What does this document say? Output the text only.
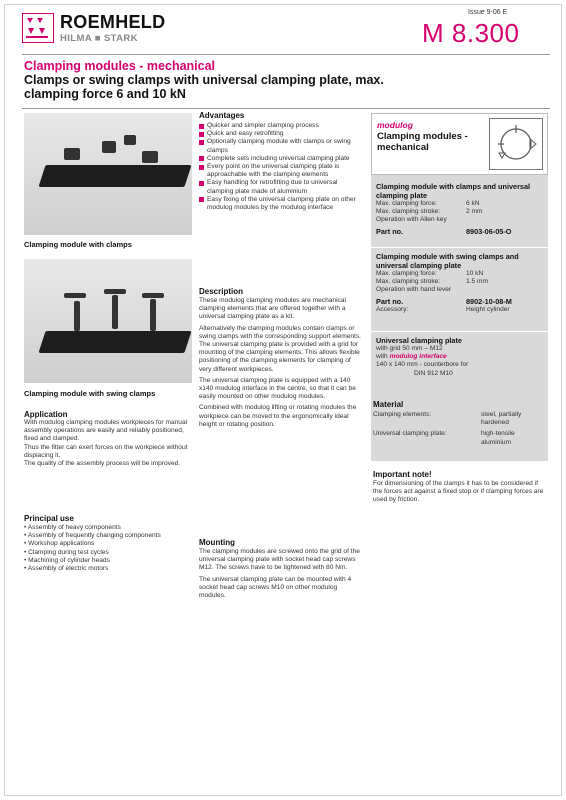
ROEMHELD
HILMA ■ STARK
Issue 9-06 E
M 8.300
Clamping modules - mechanical
Clamps or swing clamps with universal clamping plate, max. clamping force 6 and 10 kN
Clamping module with clamps
Clamping module with swing clamps
Application
With modulog clamping modules workpieces for manual assembly operations are easily and reliably positioned, fixed and clamped.
Thus the fitter can exert forces on the workpiece without displacing it.
The quality of the assembly process will be improved.
Principal use
• Assembly of heavy components
• Assembly of frequently changing components
• Workshop applications
• Clamping during test cycles
• Machining of cylinder heads
• Assembly of electric motors
Advantages
Quicker and simpler clamping process
Quick and easy retrofitting
Optionally clamping module with clamps or swing clamps
Complete sets including universal clamping plate
Every point on the universal clamping plate is approachable with the clamping elements
Easy handling for retrofitting due to universal clamping plate made of aluminium
Easy fixing of the universal clamping plate on other modulog modules by the modulog interface
Description
These modulog clamping modules are mechanical clamping elements that are offered together with a universal clamping plate as a kit.
Alternatively the clamping modules contain clamps or swing clamps with the corresponding support elements. The universal clamping plate is provided with a grid for mounting of the clamping elements. This allows flexible positioning of the clamping elements for clamping of very different workpieces.
The universal clamping plate is equipped with a 140 x140 modulog interface in the centre, so that it can be easily mounted on other modulog modules.
Combined with modulog lifting or rotating modules the workpiece can be moved to the ergonomically ideal height or rotating position.
Mounting
The clamping modules are screwed onto the grid of the universal clamping plate with socket head cap screws M12. The screws have to be tightened with 80 Nm.
The universal clamping plate can be mounted with 4 socket head cap screws M10 on other modulog modules.
modulog
Clamping modules - mechanical
Clamping module with clamps and universal clamping plate
Max. clamping force:	6 kN
Max. clamping stroke:	2 mm
Operation with Allen key
Part no.	8903-06-05-O
Clamping module with swing clamps and universal clamping plate
Max. clamping force:	10 kN
Max. clamping stroke:	1.5 mm
Operation with hand lever
Part no.	8902-10-08-M
Accessory:	Height cylinder
Universal clamping plate
with grid 50 mm – M12
with modulog interface
140 x 140 mm - counterbore for
DIN 912 M10
Material
Clamping elements:	steel, partially hardened
Universal clamping plate:	high-tensile aluminium
Important note!
For dimensioning of the clamps it has to be considered if the forces act against a fixed stop or if clamping forces are used by friction.
